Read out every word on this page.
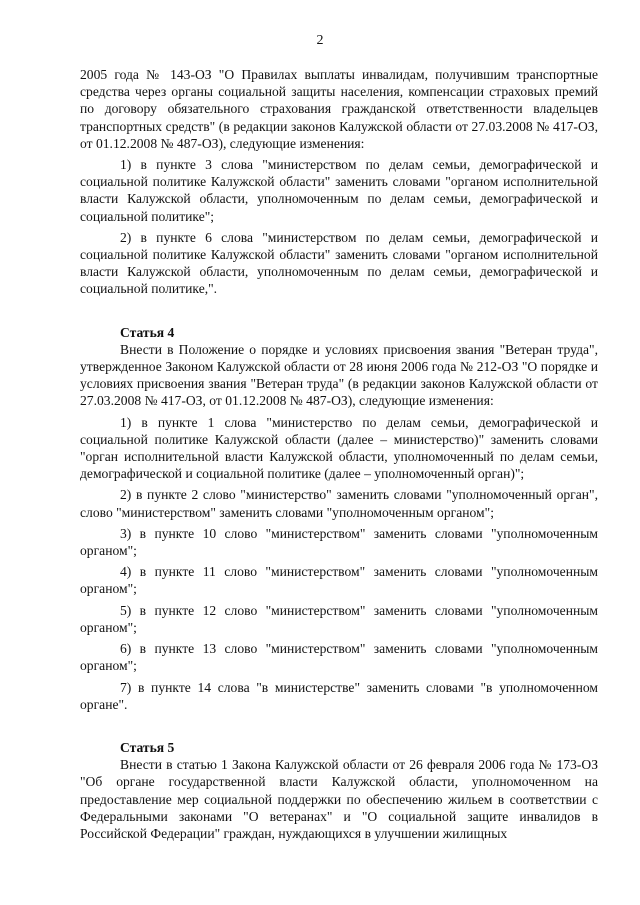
2

2005 года № 143-ОЗ "О Правилах выплаты инвалидам, получившим транспортные средства через органы социальной защиты населения, компенсации страховых премий по договору обязательного страхования гражданской ответственности владельцев транспортных средств" (в редакции законов Калужской области от 27.03.2008 № 417-ОЗ, от 01.12.2008 № 487-ОЗ), следующие изменения:

1) в пункте 3 слова "министерством по делам семьи, демографической и социальной политике Калужской области" заменить словами "органом исполнительной власти Калужской области, уполномоченным по делам семьи, демографической и социальной политике";

2) в пункте 6 слова "министерством по делам семьи, демографической и социальной политике Калужской области" заменить словами "органом исполнительной власти Калужской области, уполномоченным по делам семьи, демографической и социальной политике,".

Статья 4

Внести в Положение о порядке и условиях присвоения звания "Ветеран труда", утвержденное Законом Калужской области от 28 июня 2006 года № 212-ОЗ "О порядке и условиях присвоения звания "Ветеран труда" (в редакции законов Калужской области от 27.03.2008 № 417-ОЗ, от 01.12.2008 № 487-ОЗ), следующие изменения:

1) в пункте 1 слова "министерство по делам семьи, демографической и социальной политике Калужской области (далее – министерство)" заменить словами "орган исполнительной власти Калужской области, уполномоченный по делам семьи, демографической и социальной политике (далее – уполномоченный орган)";

2) в пункте 2 слово "министерство" заменить словами "уполномоченный орган", слово "министерством" заменить словами "уполномоченным органом";

3) в пункте 10 слово "министерством" заменить словами "уполномоченным органом";

4) в пункте 11 слово "министерством" заменить словами "уполномоченным органом";

5) в пункте 12 слово "министерством" заменить словами "уполномоченным органом";

6) в пункте 13 слово "министерством" заменить словами "уполномоченным органом";

7) в пункте 14 слова "в министерстве" заменить словами "в уполномоченном органе".

Статья 5

Внести в статью 1 Закона Калужской области от 26 февраля 2006 года № 173-ОЗ "Об органе государственной власти Калужской области, уполномоченном на предоставление мер социальной поддержки по обеспечению жильем в соответствии с Федеральными законами "О ветеранах" и "О социальной защите инвалидов в Российской Федерации" граждан, нуждающихся в улучшении жилищных
